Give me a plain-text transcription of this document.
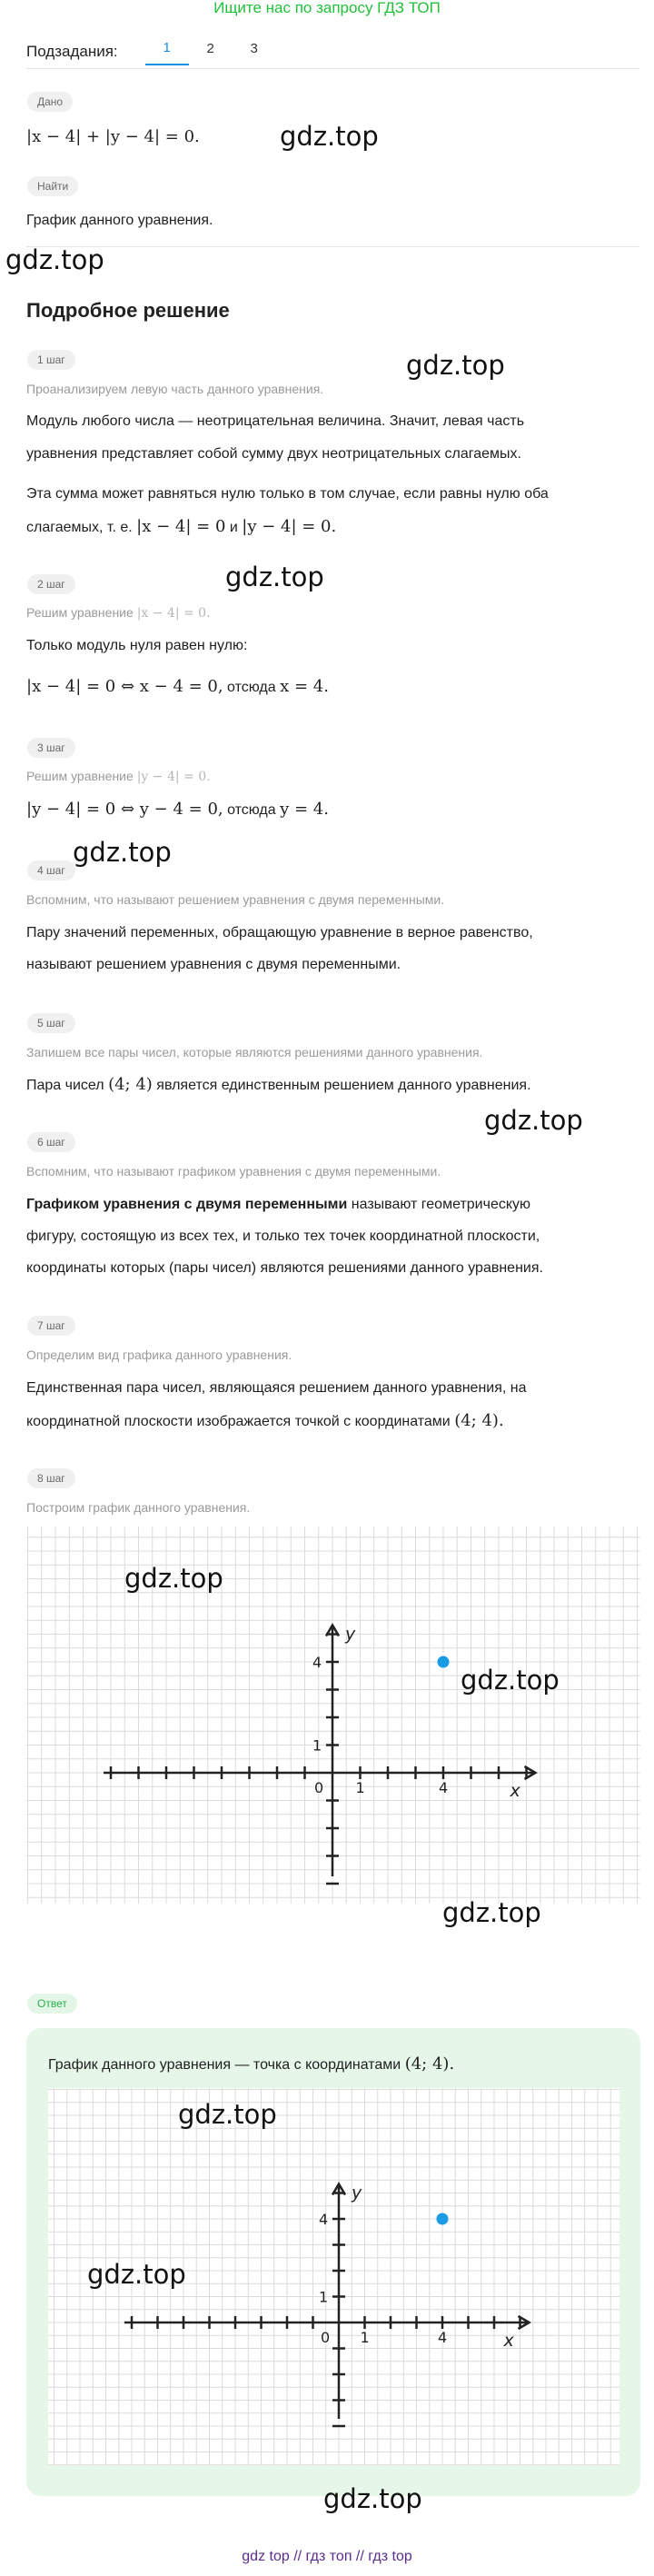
Ищите нас по запросу ГДЗ ТОП
Подзадания:	1	2	3
Дано
|x − 4| + |y − 4| = 0.
Найти
График данного уравнения.
gdz.top
gdz.top
gdz.top
gdz.top
gdz.top
gdz.top
Подробное решение
1 шаг
Проанализируем левую часть данного уравнения.
Модуль любого числа — неотрицательная величина. Значит, левая часть
уравнения представляет собой сумму двух неотрицательных слагаемых.
Эта сумма может равняться нулю только в том случае, если равны нулю оба
слагаемых, т. е. |x − 4| = 0 и |y − 4| = 0.
2 шаг
Решим уравнение |x − 4| = 0.
Только модуль нуля равен нулю:
|x − 4| = 0 ⇔ x − 4 = 0, отсюда x = 4.
3 шаг
Решим уравнение |y − 4| = 0.
|y − 4| = 0 ⇔ y − 4 = 0, отсюда y = 4.
4 шаг
Вспомним, что называют решением уравнения с двумя переменными.
Пару значений переменных, обращающую уравнение в верное равенство,
называют решением уравнения с двумя переменными.
5 шаг
Запишем все пары чисел, которые являются решениями данного уравнения.
Пара чисел (4; 4) является единственным решением данного уравнения.
6 шаг
Вспомним, что называют графиком уравнения с двумя переменными.
Графиком уравнения с двумя переменными называют геометрическую
фигуру, состоящую из всех тех, и только тех точек координатной плоскости,
координаты которых (пары чисел) являются решениями данного уравнения.
7 шаг
Определим вид графика данного уравнения.
Единственная пара чисел, являющаяся решением данного уравнения, на
координатной плоскости изображается точкой с координатами (4; 4).
8 шаг
Построим график данного уравнения.
0 1	4
1
4
x
y
gdz.top
gdz.top
gdz.top
Ответ
График данного уравнения — точка с координатами (4; 4).
0 1	4
1
4
x
y
gdz.top
gdz.top
gdz.top
gdz top // гдз топ // гдз top
